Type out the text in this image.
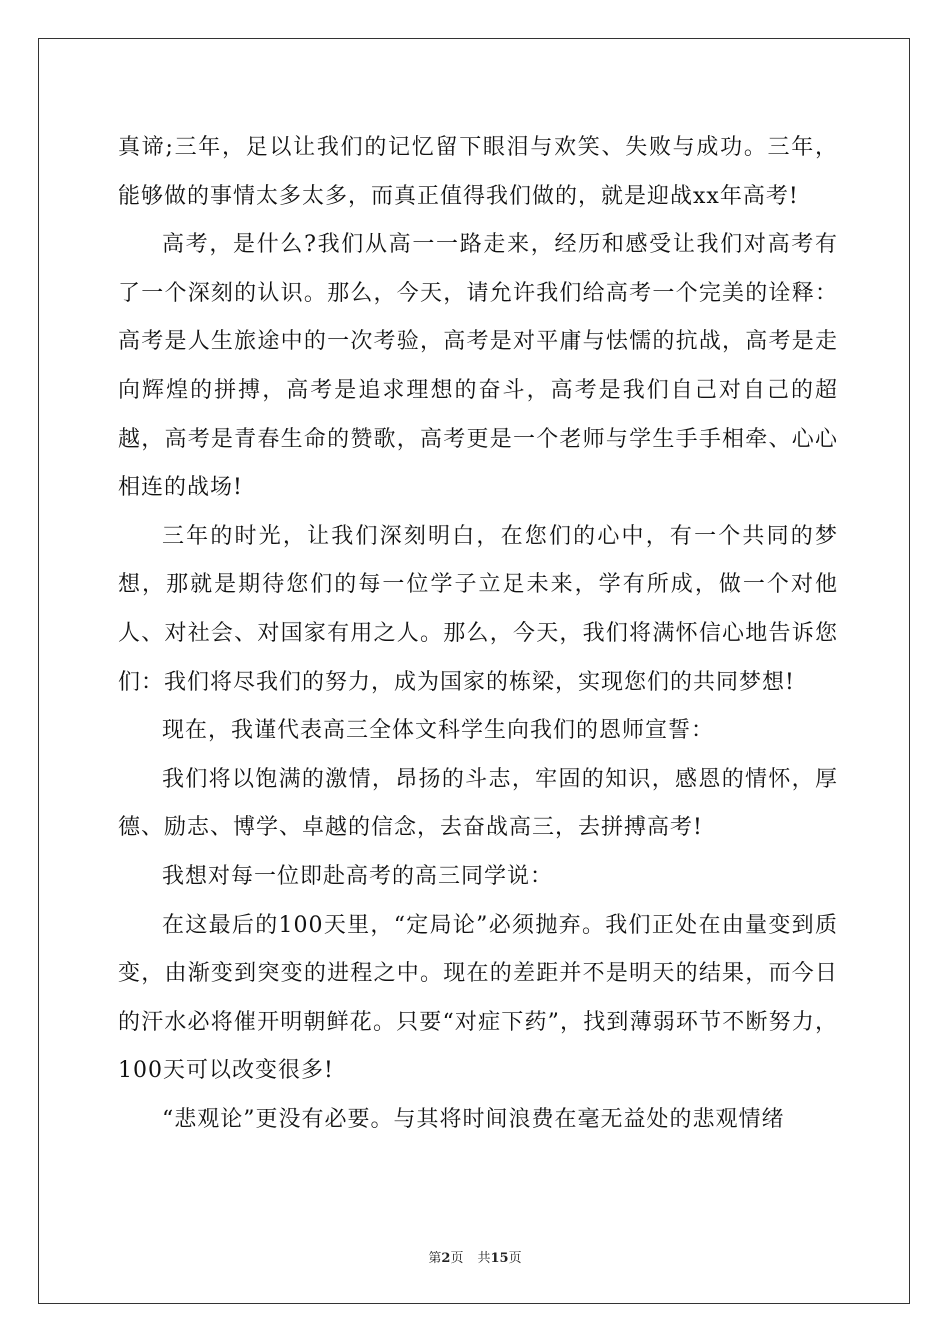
真谛;三年，足以让我们的记忆留下眼泪与欢笑、失败与成功。三年，能够做的事情太多太多，而真正值得我们做的，就是迎战xx年高考!

高考，是什么?我们从高一一路走来，经历和感受让我们对高考有了一个深刻的认识。那么，今天，请允许我们给高考一个完美的诠释：高考是人生旅途中的一次考验，高考是对平庸与怯懦的抗战，高考是走向辉煌的拼搏，高考是追求理想的奋斗，高考是我们自己对自己的超越，高考是青春生命的赞歌，高考更是一个老师与学生手手相牵、心心相连的战场!

三年的时光，让我们深刻明白，在您们的心中，有一个共同的梦想，那就是期待您们的每一位学子立足未来，学有所成，做一个对他人、对社会、对国家有用之人。那么，今天，我们将满怀信心地告诉您们：我们将尽我们的努力，成为国家的栋梁，实现您们的共同梦想!

现在，我谨代表高三全体文科学生向我们的恩师宣誓：

我们将以饱满的激情，昂扬的斗志，牢固的知识，感恩的情怀，厚德、励志、博学、卓越的信念，去奋战高三，去拼搏高考!

我想对每一位即赴高考的高三同学说：

在这最后的100天里，“定局论”必须抛弃。我们正处在由量变到质变，由渐变到突变的进程之中。现在的差距并不是明天的结果，而今日的汗水必将催开明朝鲜花。只要“对症下药”，找到薄弱环节不断努力，100天可以改变很多!

“悲观论”更没有必要。与其将时间浪费在毫无益处的悲观情绪

第2页 共15页
